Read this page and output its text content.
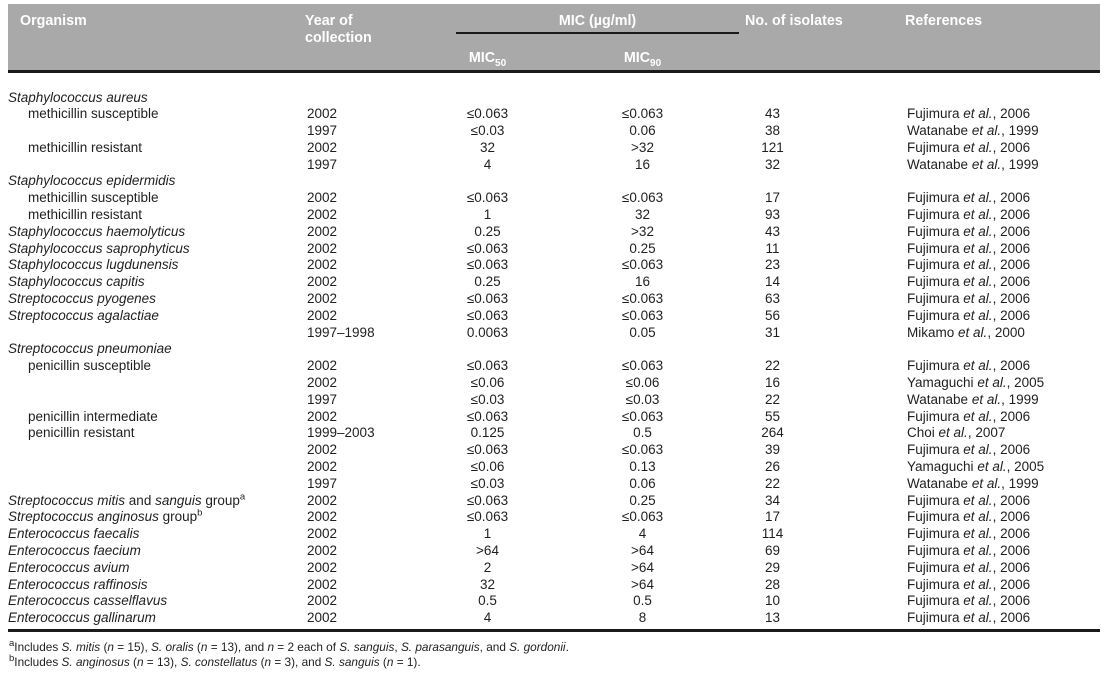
Organism	Year of collection	MIC (µg/ml)		No. of isolates	References
		$MIC_{50}$	$MIC_{90}$
Staphylococcus aureus					
methicillin susceptible	2002	≤0.063	≤0.063	43	Fujimura et al., 2006
	1997	≤0.03	0.06	38	Watanabe et al., 1999
methicillin resistant	2002	32	>32	121	Fujimura et al., 2006
	1997	4	16	32	Watanabe et al., 1999
Staphylococcus epidermidis					
methicillin susceptible	2002	≤0.063	≤0.063	17	Fujimura et al., 2006
methicillin resistant	2002	1	32	93	Fujimura et al., 2006
Staphylococcus haemolyticus	2002	0.25	>32	43	Fujimura et al., 2006
Staphylococcus saprophyticus	2002	≤0.063	0.25	11	Fujimura et al., 2006
Staphylococcus lugdunensis	2002	≤0.063	≤0.063	23	Fujimura et al., 2006
Staphylococcus capitis	2002	0.25	16	14	Fujimura et al., 2006
Streptococcus pyogenes	2002	≤0.063	≤0.063	63	Fujimura et al., 2006
Streptococcus agalactiae	2002	≤0.063	≤0.063	56	Fujimura et al., 2006
	1997–1998	0.0063	0.05	31	Mikamo et al., 2000
Streptococcus pneumoniae					
penicillin susceptible	2002	≤0.063	≤0.063	22	Fujimura et al., 2006
	2002	≤0.06	≤0.06	16	Yamaguchi et al., 2005
	1997	≤0.03	≤0.03	22	Watanabe et al., 1999
penicillin intermediate	2002	≤0.063	≤0.063	55	Fujimura et al., 2006
penicillin resistant	1999–2003	0.125	0.5	264	Choi et al., 2007
	2002	≤0.063	≤0.063	39	Fujimura et al., 2006
	2002	≤0.06	0.13	26	Yamaguchi et al., 2005
	1997	≤0.03	0.06	22	Watanabe et al., 1999
Streptococcus mitis and sanguis group$^a$	2002	≤0.063	0.25	34	Fujimura et al., 2006
Streptococcus anginosus group$^b$	2002	≤0.063	≤0.063	17	Fujimura et al., 2006
Enterococcus faecalis	2002	1	4	114	Fujimura et al., 2006
Enterococcus faecium	2002	>64	>64	69	Fujimura et al., 2006
Enterococcus avium	2002	2	>64	29	Fujimura et al., 2006
Enterococcus raffinosis	2002	32	>64	28	Fujimura et al., 2006
Enterococcus casselflavus	2002	0.5	0.5	10	Fujimura et al., 2006
Enterococcus gallinarum	2002	4	8	13	Fujimura et al., 2006
$^a$Includes S. mitis (n = 15), S. oralis (n = 13), and n = 2 each of S. sanguis, S. parasanguis, and S. gordonii.
$^b$Includes S. anginosus (n = 13), S. constellatus (n = 3), and S. sanguis (n = 1).
